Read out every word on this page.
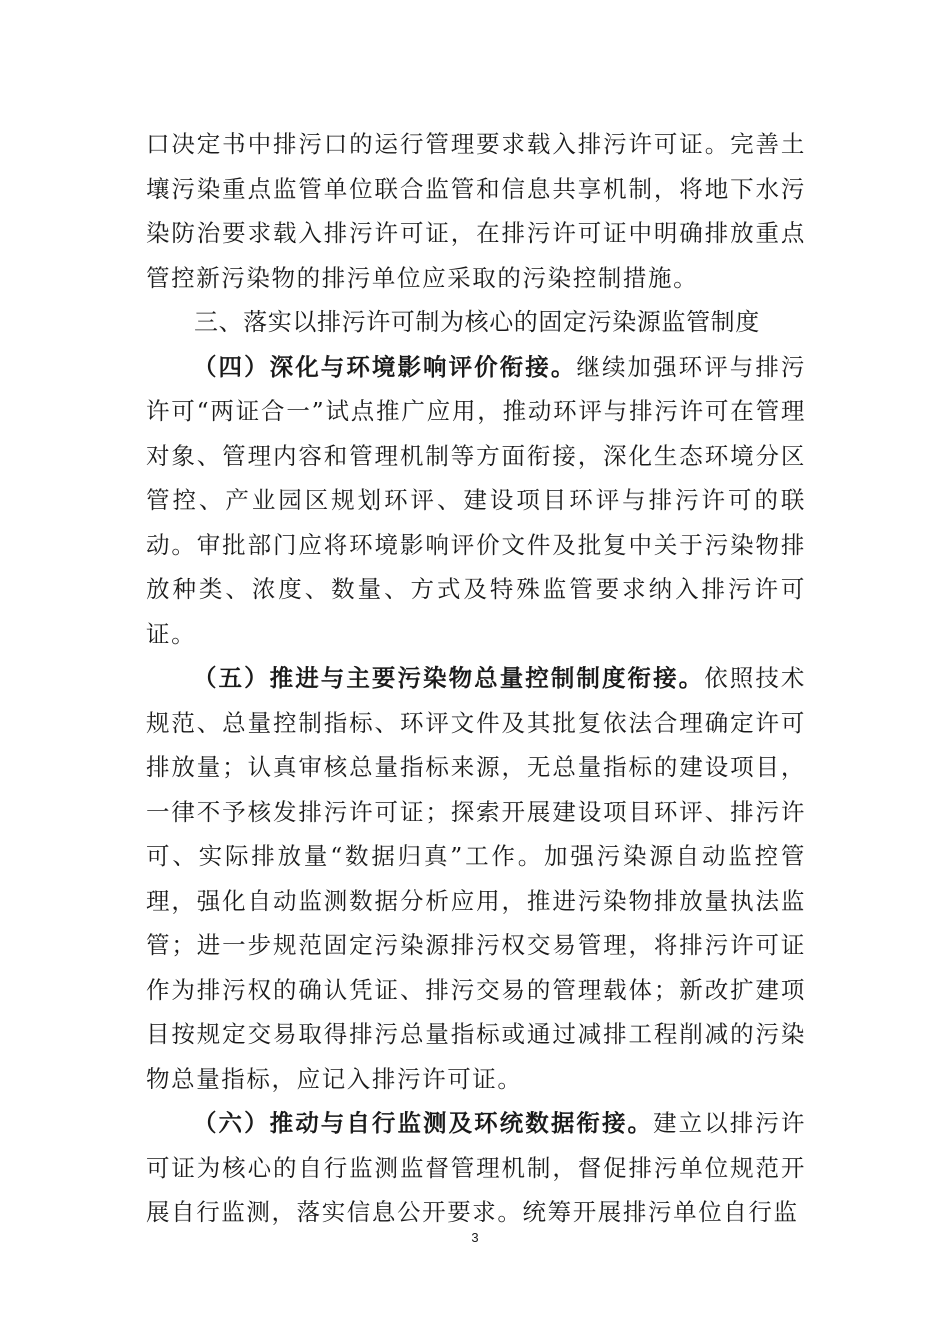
口决定书中排污口的运行管理要求载入排污许可证。完善土壤污染重点监管单位联合监管和信息共享机制，将地下水污染防治要求载入排污许可证，在排污许可证中明确排放重点管控新污染物的排污单位应采取的污染控制措施。

三、落实以排污许可制为核心的固定污染源监管制度

（四）深化与环境影响评价衔接。继续加强环评与排污许可“两证合一”试点推广应用，推动环评与排污许可在管理对象、管理内容和管理机制等方面衔接，深化生态环境分区管控、产业园区规划环评、建设项目环评与排污许可的联动。审批部门应将环境影响评价文件及批复中关于污染物排放种类、浓度、数量、方式及特殊监管要求纳入排污许可证。

（五）推进与主要污染物总量控制制度衔接。依照技术规范、总量控制指标、环评文件及其批复依法合理确定许可排放量；认真审核总量指标来源，无总量指标的建设项目，一律不予核发排污许可证；探索开展建设项目环评、排污许可、实际排放量“数据归真”工作。加强污染源自动监控管理，强化自动监测数据分析应用，推进污染物排放量执法监管；进一步规范固定污染源排污权交易管理，将排污许可证作为排污权的确认凭证、排污交易的管理载体；新改扩建项目按规定交易取得排污总量指标或通过减排工程削减的污染物总量指标，应记入排污许可证。

（六）推动与自行监测及环统数据衔接。建立以排污许可证为核心的自行监测监督管理机制，督促排污单位规范开展自行监测，落实信息公开要求。统筹开展排污单位自行监

3
